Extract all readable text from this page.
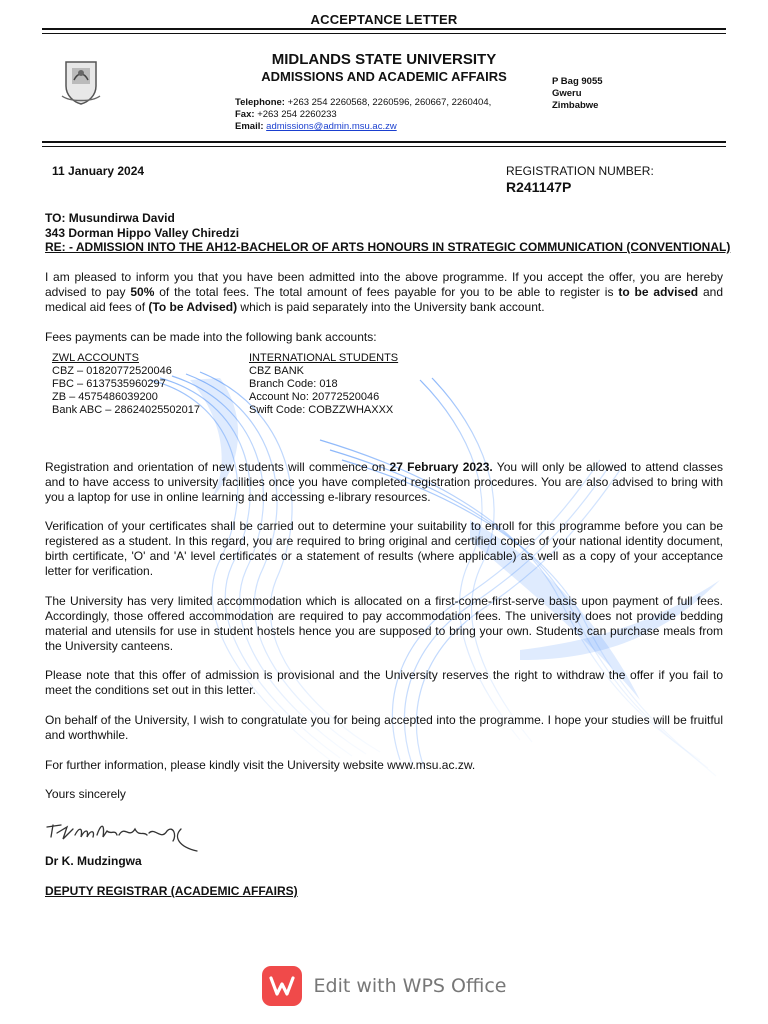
ACCEPTANCE LETTER
MIDLANDS STATE UNIVERSITY
ADMISSIONS AND ACADEMIC AFFAIRS
Telephone: +263 254 2260568, 2260596, 260667, 2260404,
Fax: +263 254 2260233
Email: admissions@admin.msu.ac.zw
P Bag 9055
Gweru
Zimbabwe
11 January 2024	REGISTRATION NUMBER:
R241147P
TO: Musundirwa David
343 Dorman Hippo Valley Chiredzi
RE: - ADMISSION INTO THE AH12-BACHELOR OF ARTS HONOURS IN STRATEGIC COMMUNICATION (CONVENTIONAL)

I am pleased to inform you that you have been admitted into the above programme. If you accept the offer, you are hereby advised to pay 50% of the total fees. The total amount of fees payable for you to be able to register is to be advised and medical aid fees of (To be Advised) which is paid separately into the University bank account.

Fees payments can be made into the following bank accounts:

ZWL ACCOUNTS
CBZ – 01820772520046
FBC – 6137535960297
ZB – 4575486039200
Bank ABC – 28624025502017
INTERNATIONAL STUDENTS
CBZ BANK
Branch Code: 018
Account No: 20772520046
Swift Code: COBZZWHAXXX

Registration and orientation of new students will commence on 27 February 2023. You will only be allowed to attend classes and to have access to university facilities once you have completed registration procedures. You are also advised to bring with you a laptop for use in online learning and accessing e-library resources.

Verification of your certificates shall be carried out to determine your suitability to enroll for this programme before you can be registered as a student. In this regard, you are required to bring original and certified copies of your national identity document, birth certificate, 'O' and 'A' level certificates or a statement of results (where applicable) as well as a copy of your acceptance letter for verification.

The University has very limited accommodation which is allocated on a first-come-first-serve basis upon payment of full fees. Accordingly, those offered accommodation are required to pay accommodation fees. The university does not provide bedding material and utensils for use in student hostels hence you are supposed to bring your own. Students can purchase meals from the University canteens.

Please note that this offer of admission is provisional and the University reserves the right to withdraw the offer if you fail to meet the conditions set out in this letter.

On behalf of the University, I wish to congratulate you for being accepted into the programme. I hope your studies will be fruitful and worthwhile.

For further information, please kindly visit the University website www.msu.ac.zw.

Yours sincerely

Dr K. Mudzingwa
DEPUTY REGISTRAR (ACADEMIC AFFAIRS)
Edit with WPS Office
